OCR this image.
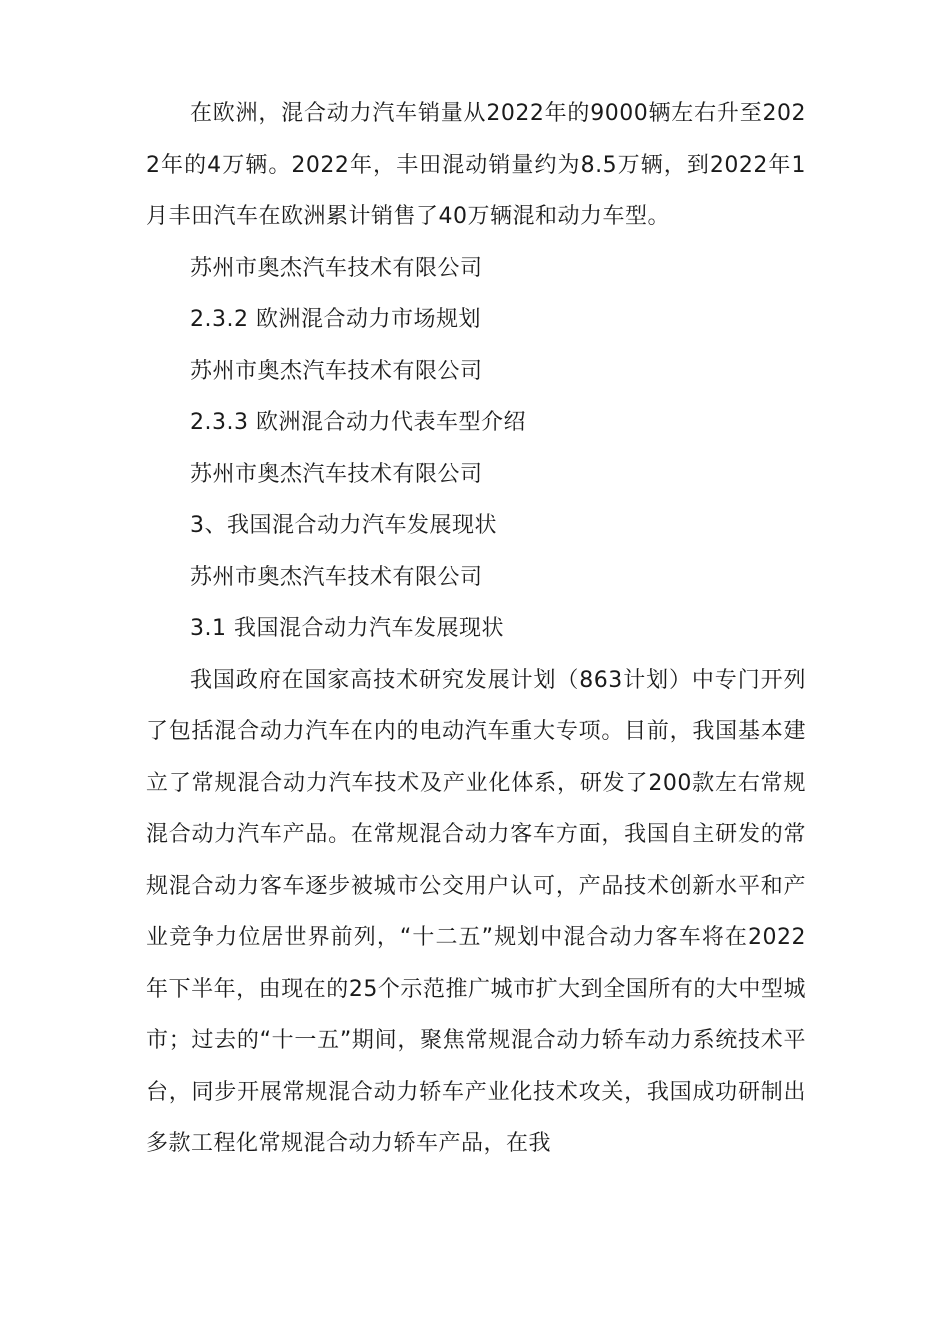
在欧洲，混合动力汽车销量从2022年的9000辆左右升至2022年的4万辆。2022年，丰田混动销量约为8.5万辆，到2022年1月丰田汽车在欧洲累计销售了40万辆混和动力车型。

苏州市奥杰汽车技术有限公司

2.3.2 欧洲混合动力市场规划

苏州市奥杰汽车技术有限公司

2.3.3 欧洲混合动力代表车型介绍

苏州市奥杰汽车技术有限公司

3、我国混合动力汽车发展现状

苏州市奥杰汽车技术有限公司

3.1 我国混合动力汽车发展现状

我国政府在国家高技术研究发展计划（863计划）中专门开列了包括混合动力汽车在内的电动汽车重大专项。目前，我国基本建立了常规混合动力汽车技术及产业化体系，研发了200款左右常规混合动力汽车产品。在常规混合动力客车方面，我国自主研发的常规混合动力客车逐步被城市公交用户认可，产品技术创新水平和产业竞争力位居世界前列，“十二五”规划中混合动力客车将在2022年下半年，由现在的25个示范推广城市扩大到全国所有的大中型城市；过去的“十一五”期间，聚焦常规混合动力轿车动力系统技术平台，同步开展常规混合动力轿车产业化技术攻关，我国成功研制出多款工程化常规混合动力轿车产品，在我
